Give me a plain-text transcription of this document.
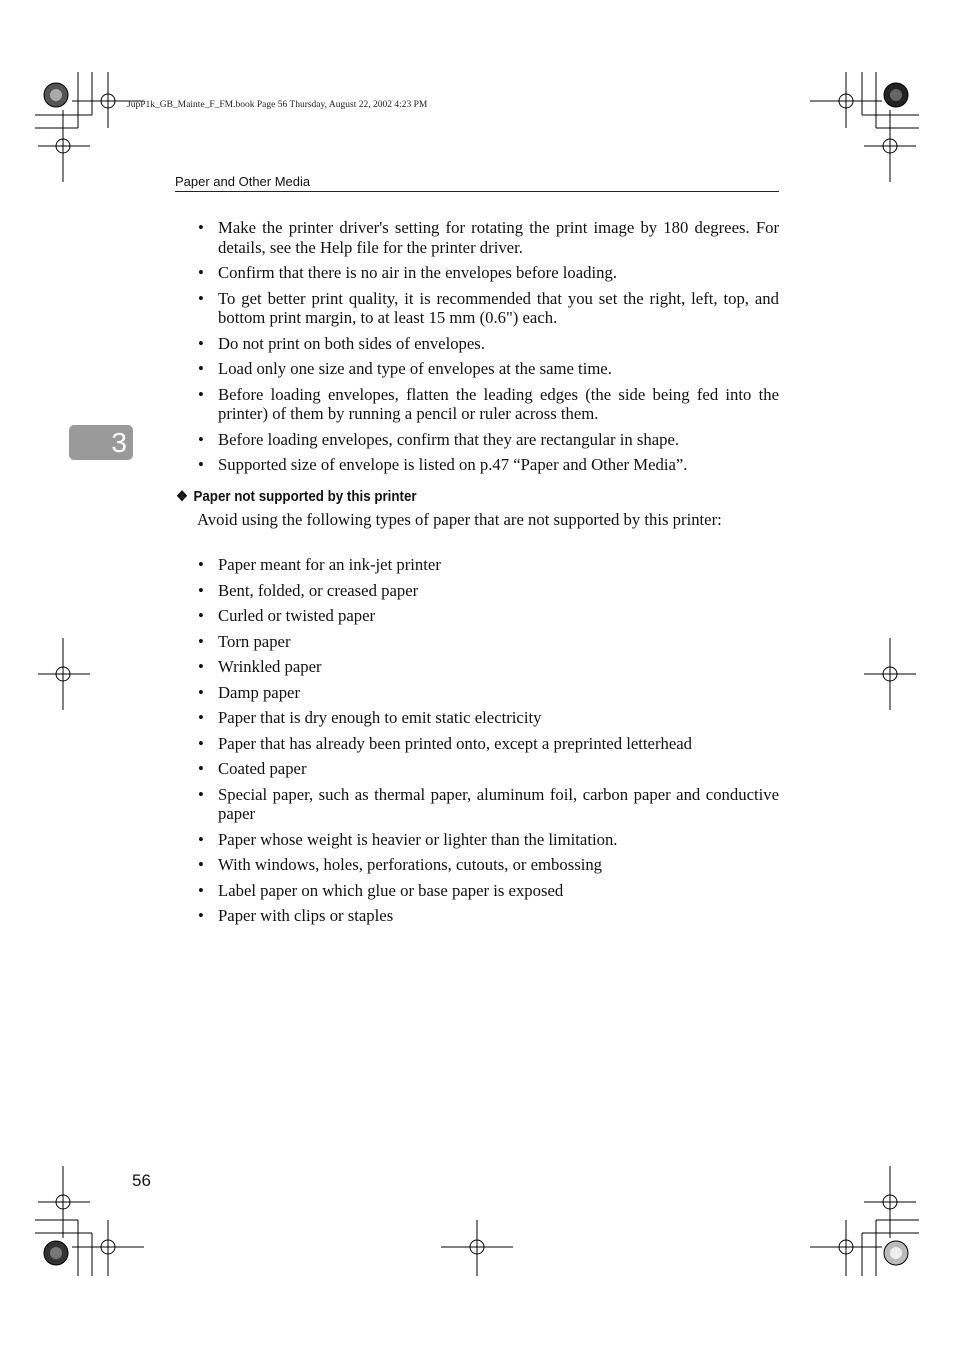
JupP1k_GB_Mainte_F_FM.book Page 56 Thursday, August 22, 2002 4:23 PM
Paper and Other Media
3
• Make the printer driver's setting for rotating the print image by 180 degrees. For details, see the Help file for the printer driver.
• Confirm that there is no air in the envelopes before loading.
• To get better print quality, it is recommended that you set the right, left, top, and bottom print margin, to at least 15 mm (0.6") each.
• Do not print on both sides of envelopes.
• Load only one size and type of envelopes at the same time.
• Before loading envelopes, flatten the leading edges (the side being fed into the printer) of them by running a pencil or ruler across them.
• Before loading envelopes, confirm that they are rectangular in shape.
• Supported size of envelope is listed on p.47 “Paper and Other Media”.
❖ Paper not supported by this printer

Avoid using the following types of paper that are not supported by this printer:

• Paper meant for an ink-jet printer
• Bent, folded, or creased paper
• Curled or twisted paper
• Torn paper
• Wrinkled paper
• Damp paper
• Paper that is dry enough to emit static electricity
• Paper that has already been printed onto, except a preprinted letterhead
• Coated paper
• Special paper, such as thermal paper, aluminum foil, carbon paper and conductive paper
• Paper whose weight is heavier or lighter than the limitation.
• With windows, holes, perforations, cutouts, or embossing
• Label paper on which glue or base paper is exposed
• Paper with clips or staples
56
